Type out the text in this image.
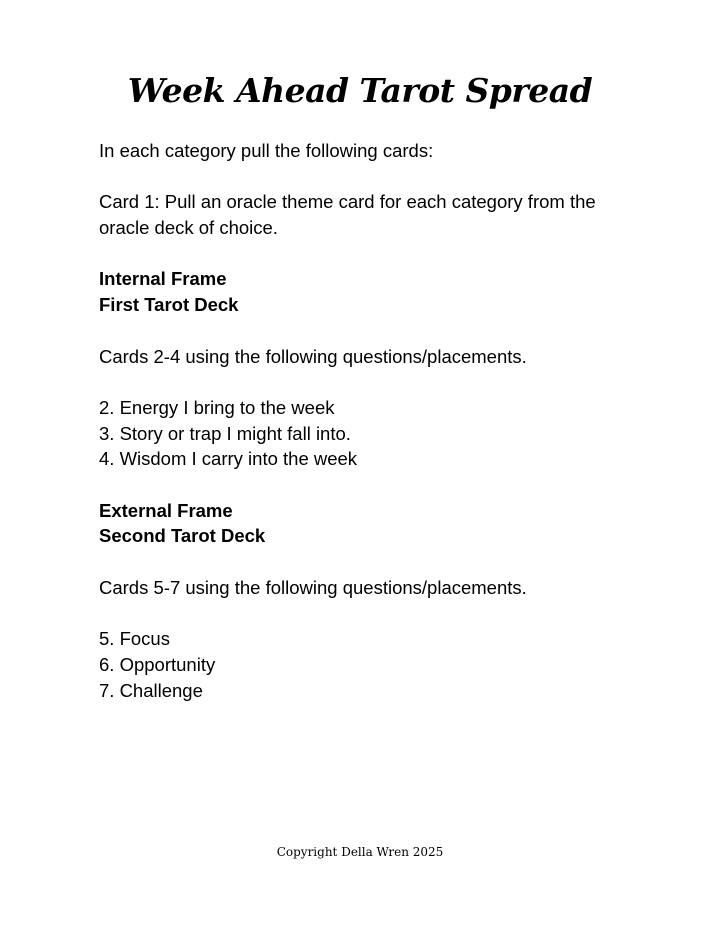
Week Ahead Tarot Spread

In each category pull the following cards:

Card 1: Pull an oracle theme card for each category from the oracle deck of choice.

Internal Frame

First Tarot Deck

Cards 2-4 using the following questions/placements.

2. Energy I bring to the week

3. Story or trap I might fall into.

4. Wisdom I carry into the week

External Frame

Second Tarot Deck

Cards 5-7 using the following questions/placements.

5. Focus

6. Opportunity

7. Challenge

Copyright Della Wren 2025
